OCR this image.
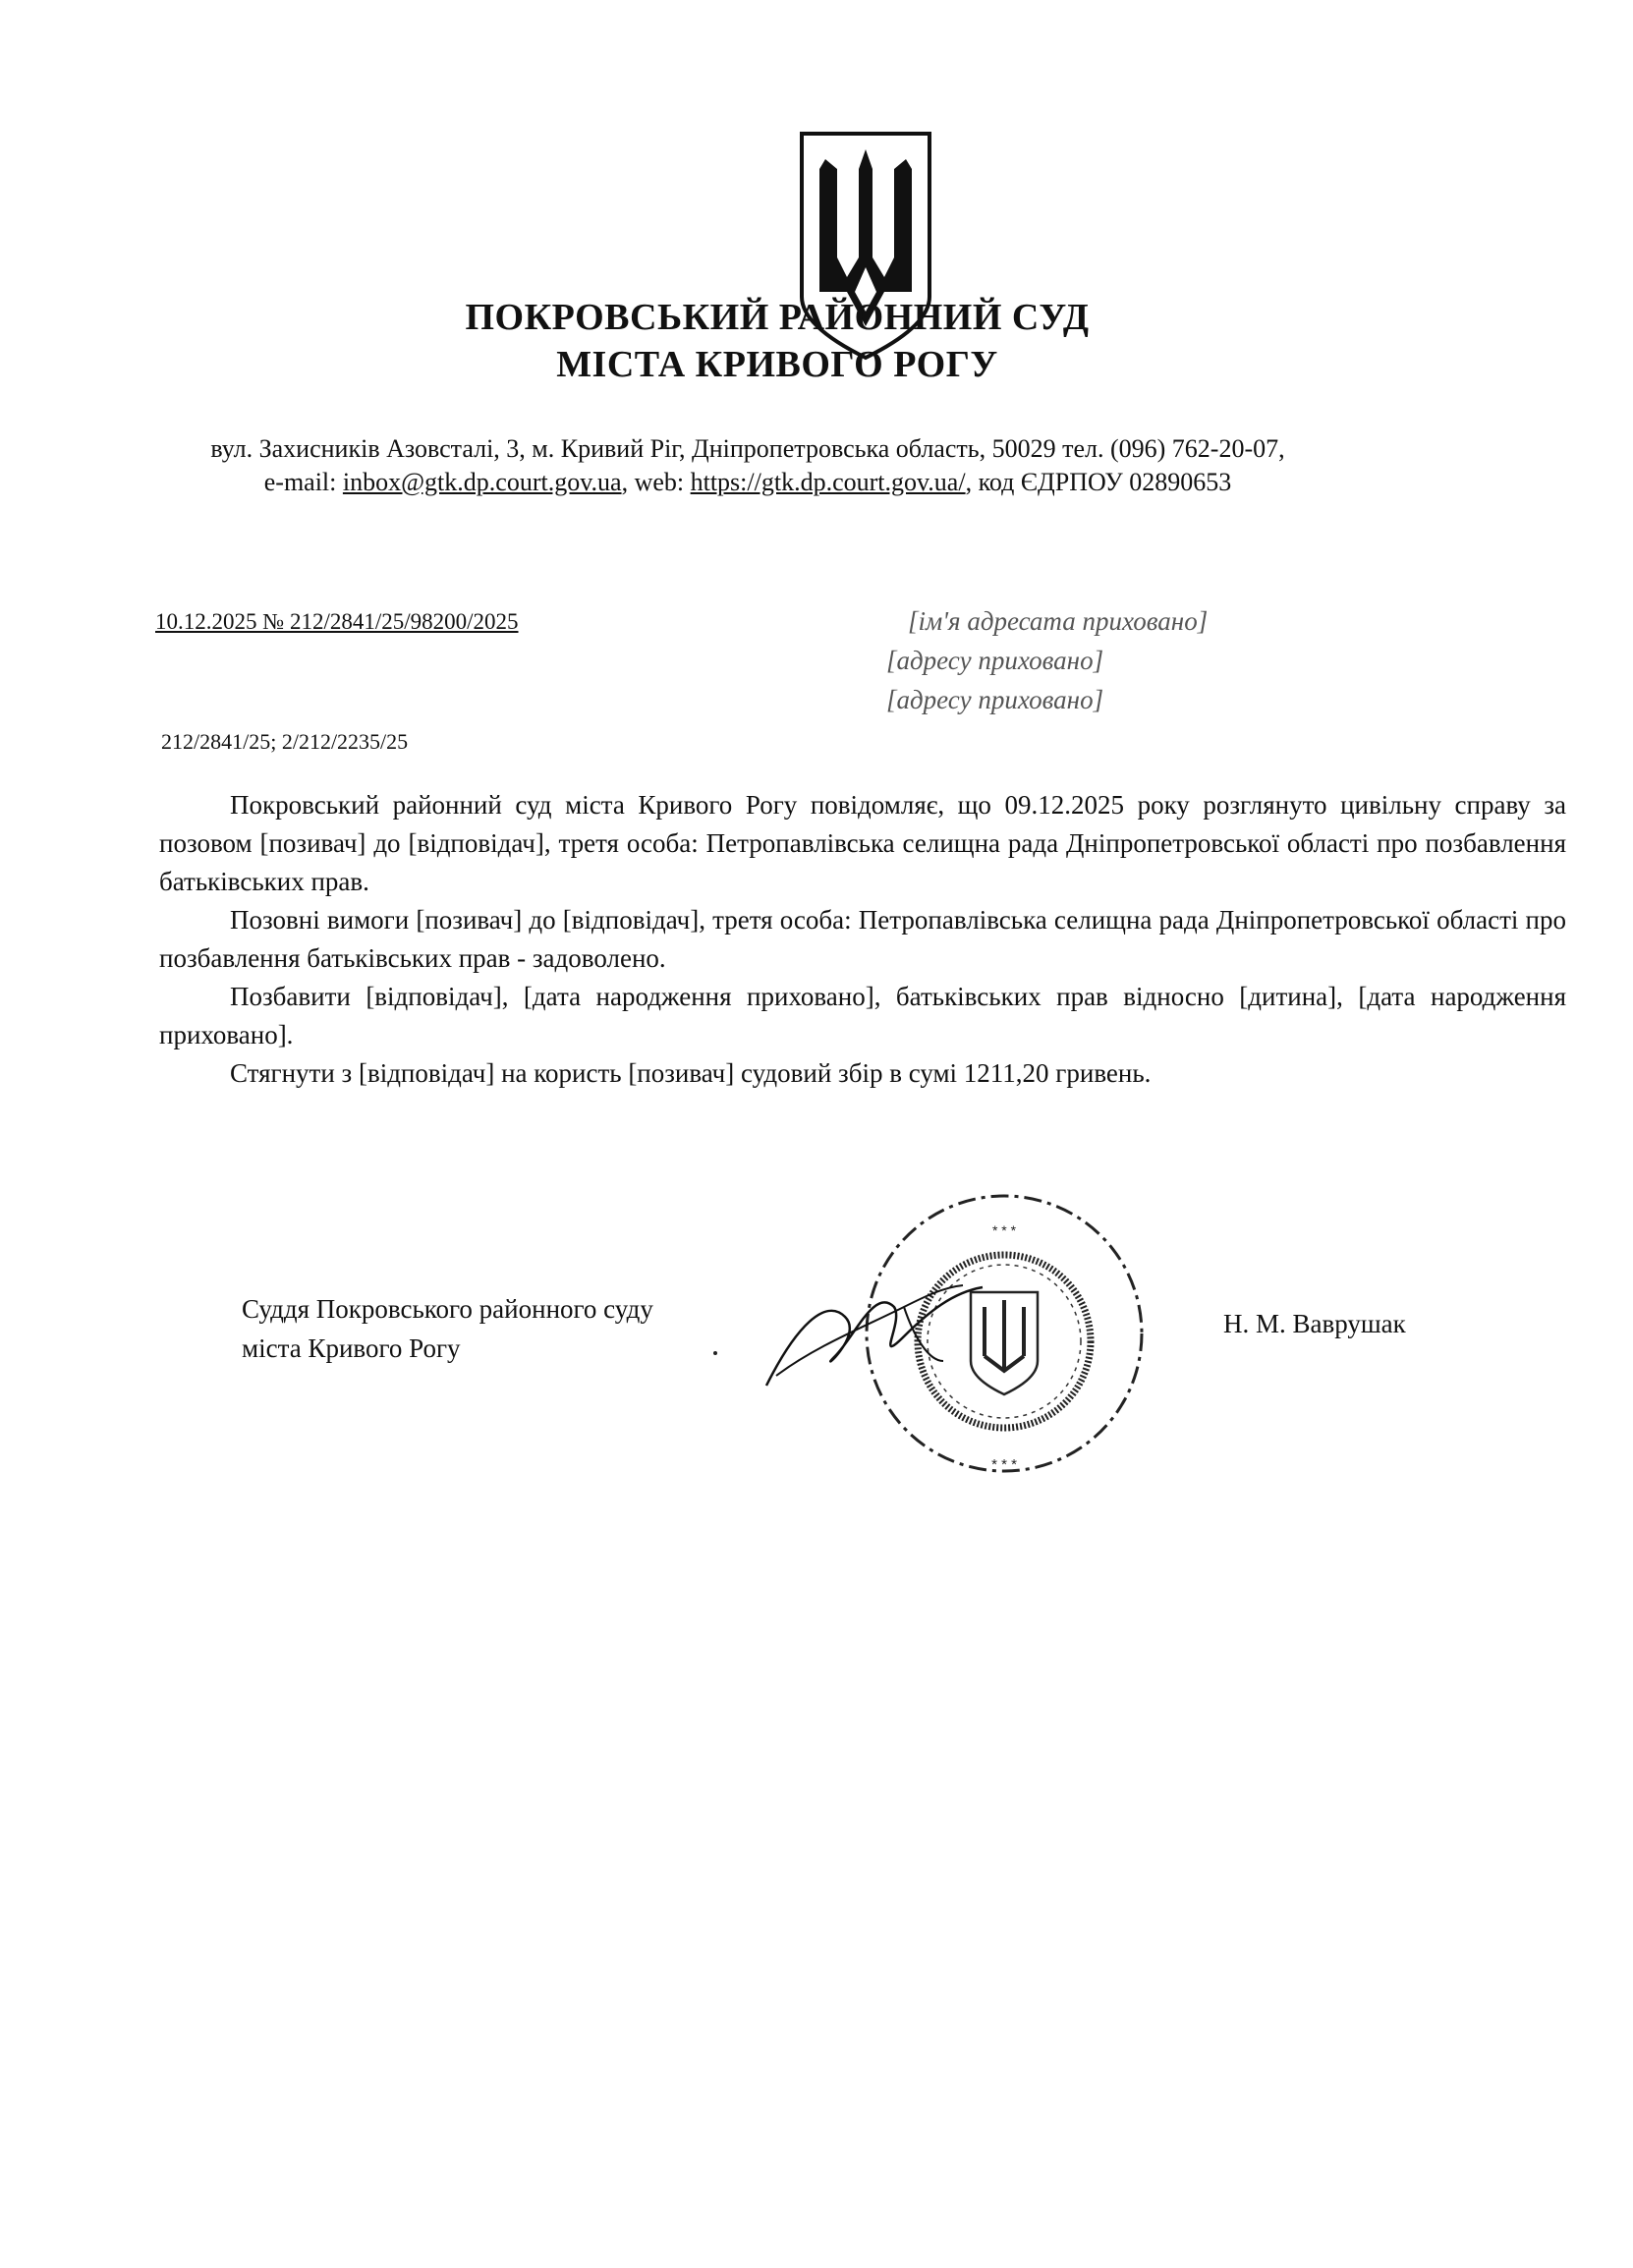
ПОКРОВСЬКИЙ РАЙОННИЙ СУД
МІСТА КРИВОГО РОГУ
вул. Захисників Азовсталі, 3, м. Кривий Ріг, Дніпропетровська область, 50029 тел. (096) 762-20-07,
e-mail: inbox@gtk.dp.court.gov.ua, web: https://gtk.dp.court.gov.ua/, код ЄДРПОУ 02890653
10.12.2025 № 212/2841/25/98200/2025	[ім'я адресата приховано]
[адресу приховано]
[адресу приховано]
212/2841/25; 2/212/2235/25

Покровський районний суд міста Кривого Рогу повідомляє, що 09.12.2025 року розглянуто цивільну справу за позовом [позивач] до [відповідач], третя особа: Петропавлівська селищна рада Дніпропетровської області про позбавлення батьківських прав.

Позовні вимоги [позивач] до [відповідач], третя особа: Петропавлівська селищна рада Дніпропетровської області про позбавлення батьківських прав - задоволено.

Позбавити [відповідач], [дата народження приховано], батьківських прав відносно [дитина], [дата народження приховано].

Стягнути з [відповідач] на користь [позивач] судовий збір в сумі 1211,20 гривень.

* * *
* * *
Суддя Покровського районного суду
міста Кривого Рогу
Н. М. Ваврушак
